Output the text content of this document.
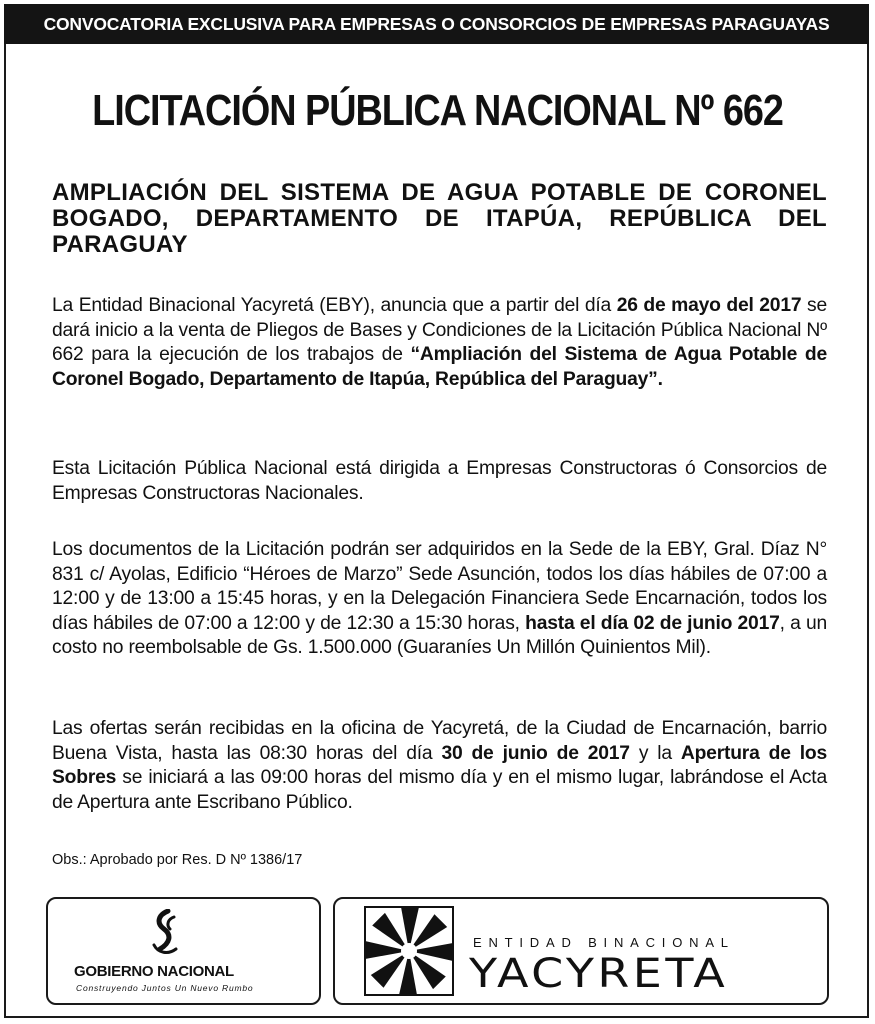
CONVOCATORIA EXCLUSIVA PARA EMPRESAS O CONSORCIOS DE EMPRESAS PARAGUAYAS
LICITACIÓN PÚBLICA NACIONAL Nº 662
AMPLIACIÓN DEL SISTEMA DE AGUA POTABLE DE CORONEL BOGADO, DEPARTAMENTO DE ITAPÚA, REPÚBLICA DEL PARAGUAY
La Entidad Binacional Yacyretá (EBY), anuncia que a partir del día 26 de mayo del 2017 se dará inicio a la venta de Pliegos de Bases y Condiciones de la Licitación Pública Nacional Nº 662 para la ejecución de los trabajos de “Ampliación del Sistema de Agua Potable de Coronel Bogado, Departamento de Itapúa, República del Paraguay”.
Esta Licitación Pública Nacional está dirigida a Empresas Constructoras ó Consorcios de Empresas Constructoras Nacionales.
Los documentos de la Licitación podrán ser adquiridos en la Sede de la EBY, Gral. Díaz N° 831 c/ Ayolas, Edificio “Héroes de Marzo” Sede Asunción, todos los días hábiles de 07:00 a 12:00 y de 13:00 a 15:45 horas, y en la Delegación Financiera Sede Encarnación, todos los días hábiles de 07:00 a 12:00 y de 12:30 a 15:30 horas, hasta el día 02 de junio 2017, a un costo no reembolsable de Gs. 1.500.000 (Guaraníes Un Millón Quinientos Mil).
Las ofertas serán recibidas en la oficina de Yacyretá, de la Ciudad de Encarnación, barrio Buena Vista, hasta las 08:30 horas del día 30 de junio de 2017 y la Apertura de los Sobres se iniciará a las 09:00 horas del mismo día y en el mismo lugar, labrándose el Acta de Apertura ante Escribano Público.
Obs.: Aprobado por Res. D Nº 1386/17
GOBIERNO NACIONAL
Construyendo Juntos Un Nuevo Rumbo
ENTIDAD BINACIONAL
YACYRETA
